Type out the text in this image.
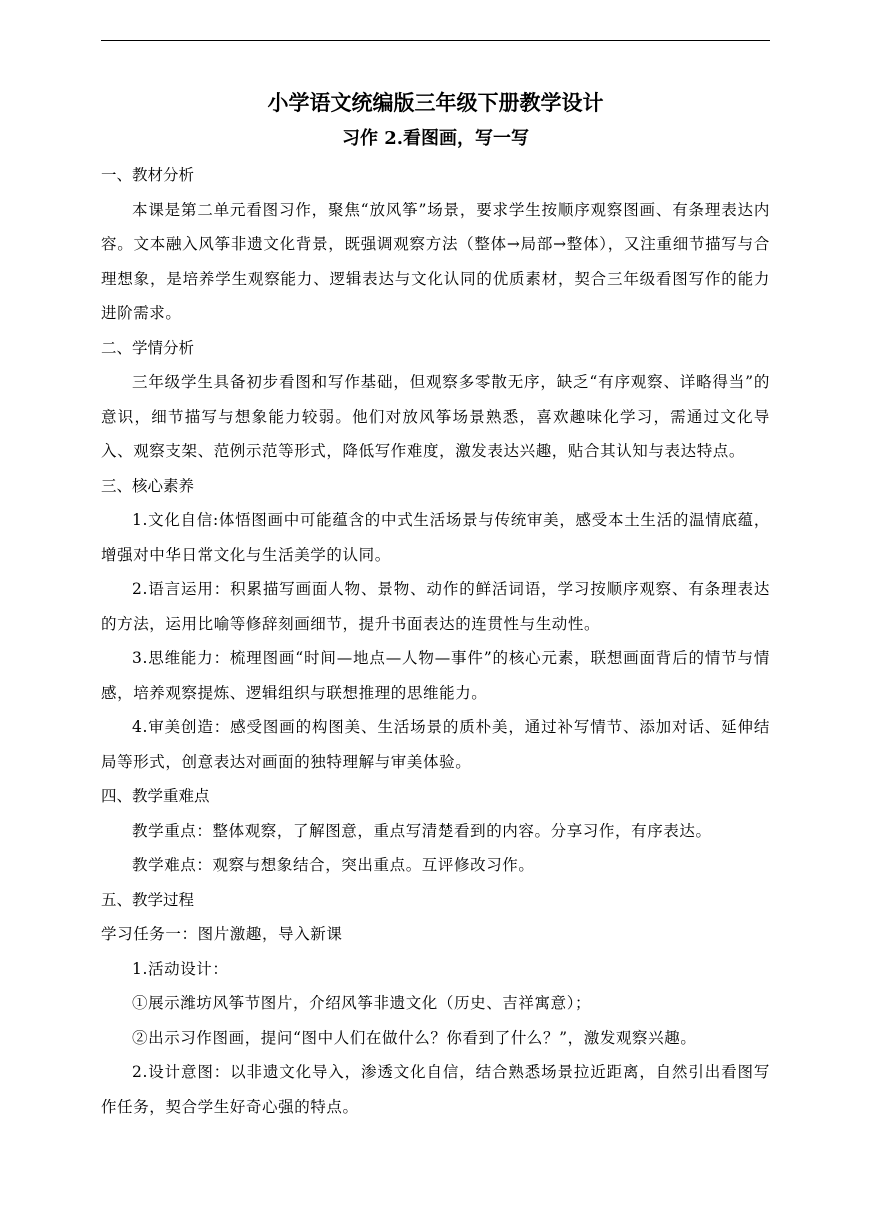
小学语文统编版三年级下册教学设计
习作 2.看图画，写一写

一、教材分析

本课是第二单元看图习作，聚焦“放风筝”场景，要求学生按顺序观察图画、有条理表达内容。文本融入风筝非遗文化背景，既强调观察方法（整体→局部→整体），又注重细节描写与合理想象，是培养学生观察能力、逻辑表达与文化认同的优质素材，契合三年级看图写作的能力进阶需求。

二、学情分析

三年级学生具备初步看图和写作基础，但观察多零散无序，缺乏“有序观察、详略得当”的意识，细节描写与想象能力较弱。他们对放风筝场景熟悉，喜欢趣味化学习，需通过文化导入、观察支架、范例示范等形式，降低写作难度，激发表达兴趣，贴合其认知与表达特点。

三、核心素养

1.文化自信:体悟图画中可能蕴含的中式生活场景与传统审美，感受本土生活的温情底蕴，增强对中华日常文化与生活美学的认同。

2.语言运用：积累描写画面人物、景物、动作的鲜活词语，学习按顺序观察、有条理表达的方法，运用比喻等修辞刻画细节，提升书面表达的连贯性与生动性。

3.思维能力：梳理图画“时间—地点—人物—事件”的核心元素，联想画面背后的情节与情感，培养观察提炼、逻辑组织与联想推理的思维能力。

4.审美创造：感受图画的构图美、生活场景的质朴美，通过补写情节、添加对话、延伸结局等形式，创意表达对画面的独特理解与审美体验。

四、教学重难点

教学重点：整体观察，了解图意，重点写清楚看到的内容。分享习作，有序表达。

教学难点：观察与想象结合，突出重点。互评修改习作。

五、教学过程

学习任务一：图片激趣，导入新课

1.活动设计：

①展示潍坊风筝节图片，介绍风筝非遗文化（历史、吉祥寓意）；

②出示习作图画，提问“图中人们在做什么？你看到了什么？”，激发观察兴趣。

2.设计意图：以非遗文化导入，渗透文化自信，结合熟悉场景拉近距离，自然引出看图写作任务，契合学生好奇心强的特点。
